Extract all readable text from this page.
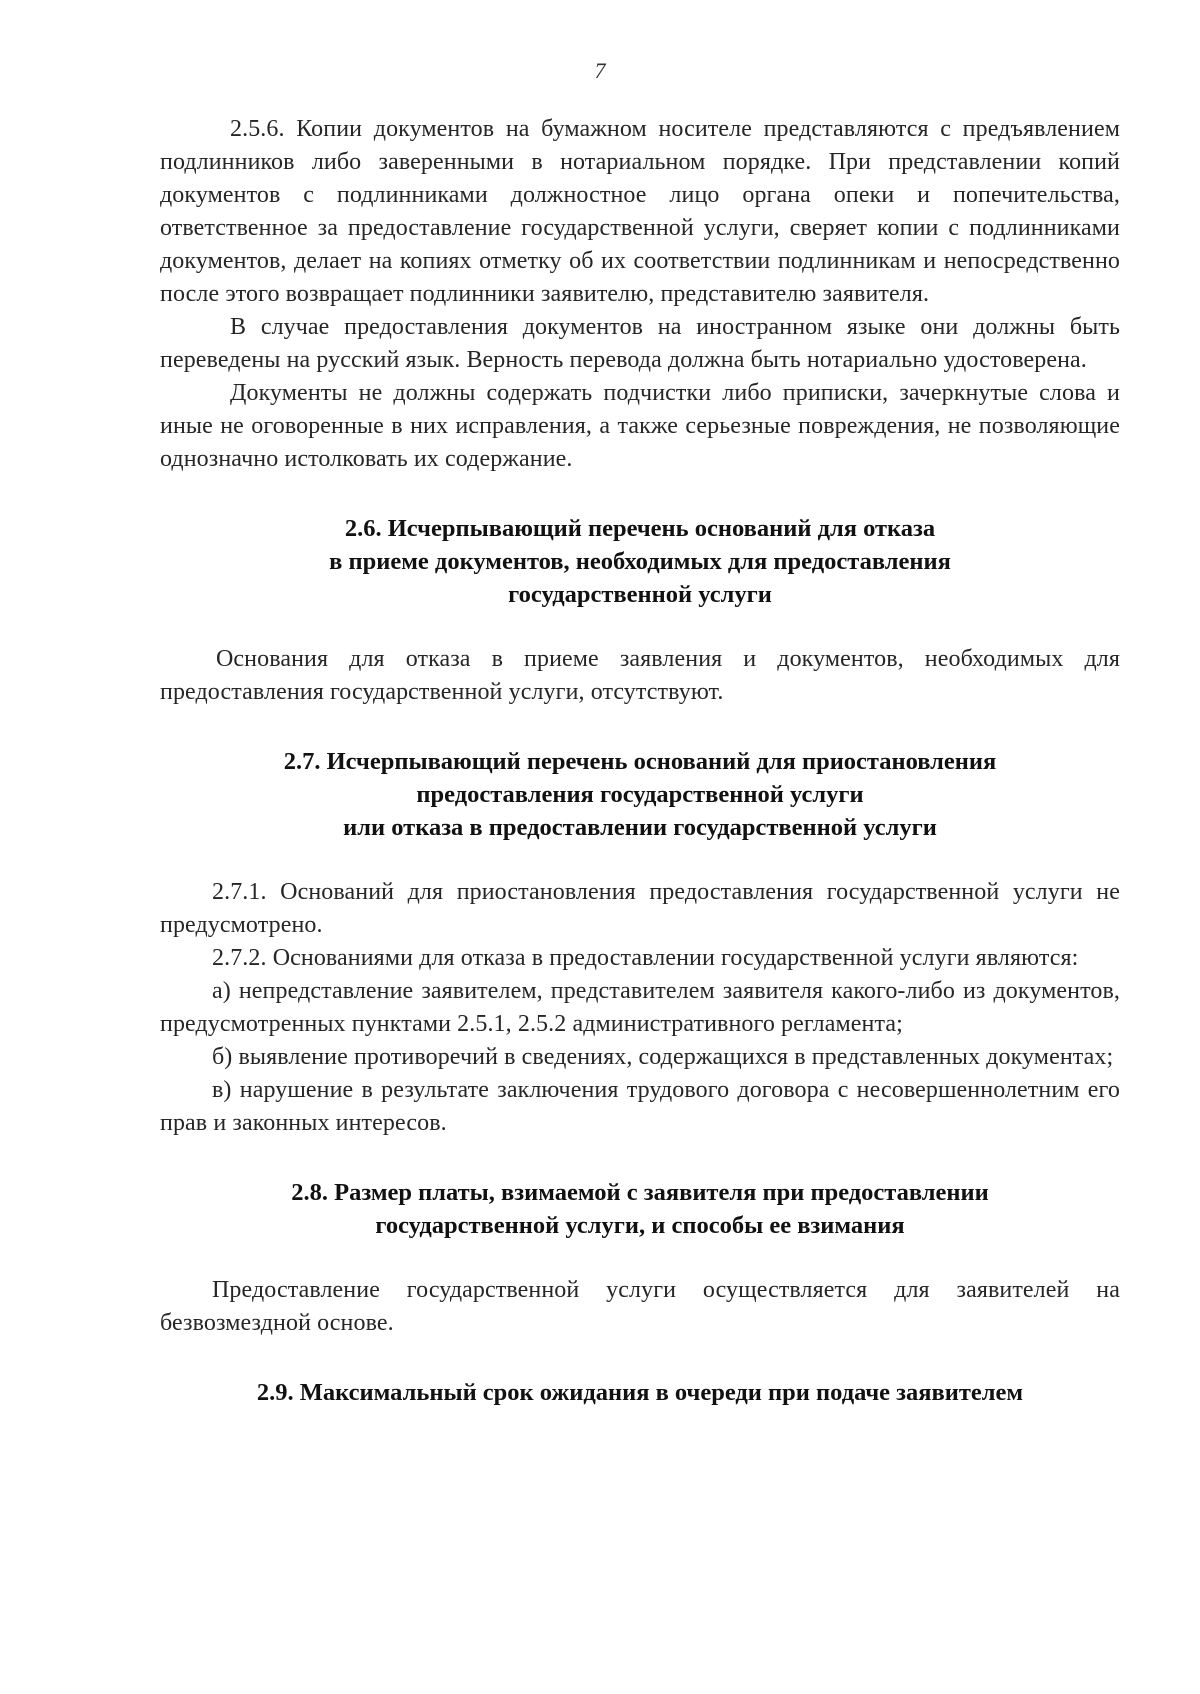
7

2.5.6. Копии документов на бумажном носителе представляются с предъявлением подлинников либо заверенными в нотариальном порядке. При представлении копий документов с подлинниками должностное лицо органа опеки и попечительства, ответственное за предоставление государственной услуги, сверяет копии с подлинниками документов, делает на копиях отметку об их соответствии подлинникам и непосредственно после этого возвращает подлинники заявителю, представителю заявителя.

В случае предоставления документов на иностранном языке они должны быть переведены на русский язык. Верность перевода должна быть нотариально удостоверена.

Документы не должны содержать подчистки либо приписки, зачеркнутые слова и иные не оговоренные в них исправления, а также серьезные повреждения, не позволяющие однозначно истолковать их содержание.

2.6. Исчерпывающий перечень оснований для отказа
в приеме документов, необходимых для предоставления
государственной услуги

Основания для отказа в приеме заявления и документов, необходимых для предоставления государственной услуги, отсутствуют.

2.7. Исчерпывающий перечень оснований для приостановления
предоставления государственной услуги
или отказа в предоставлении государственной услуги

2.7.1. Оснований для приостановления предоставления государственной услуги не предусмотрено.

2.7.2. Основаниями для отказа в предоставлении государственной услуги являются:

а) непредставление заявителем, представителем заявителя какого-либо из документов, предусмотренных пунктами 2.5.1, 2.5.2 административного регламента;

б) выявление противоречий в сведениях, содержащихся в представленных документах;

в) нарушение в результате заключения трудового договора с несовершеннолетним его прав и законных интересов.

2.8. Размер платы, взимаемой с заявителя при предоставлении
государственной услуги, и способы ее взимания

Предоставление государственной услуги осуществляется для заявителей на безвозмездной основе.

2.9. Максимальный срок ожидания в очереди при подаче заявителем
